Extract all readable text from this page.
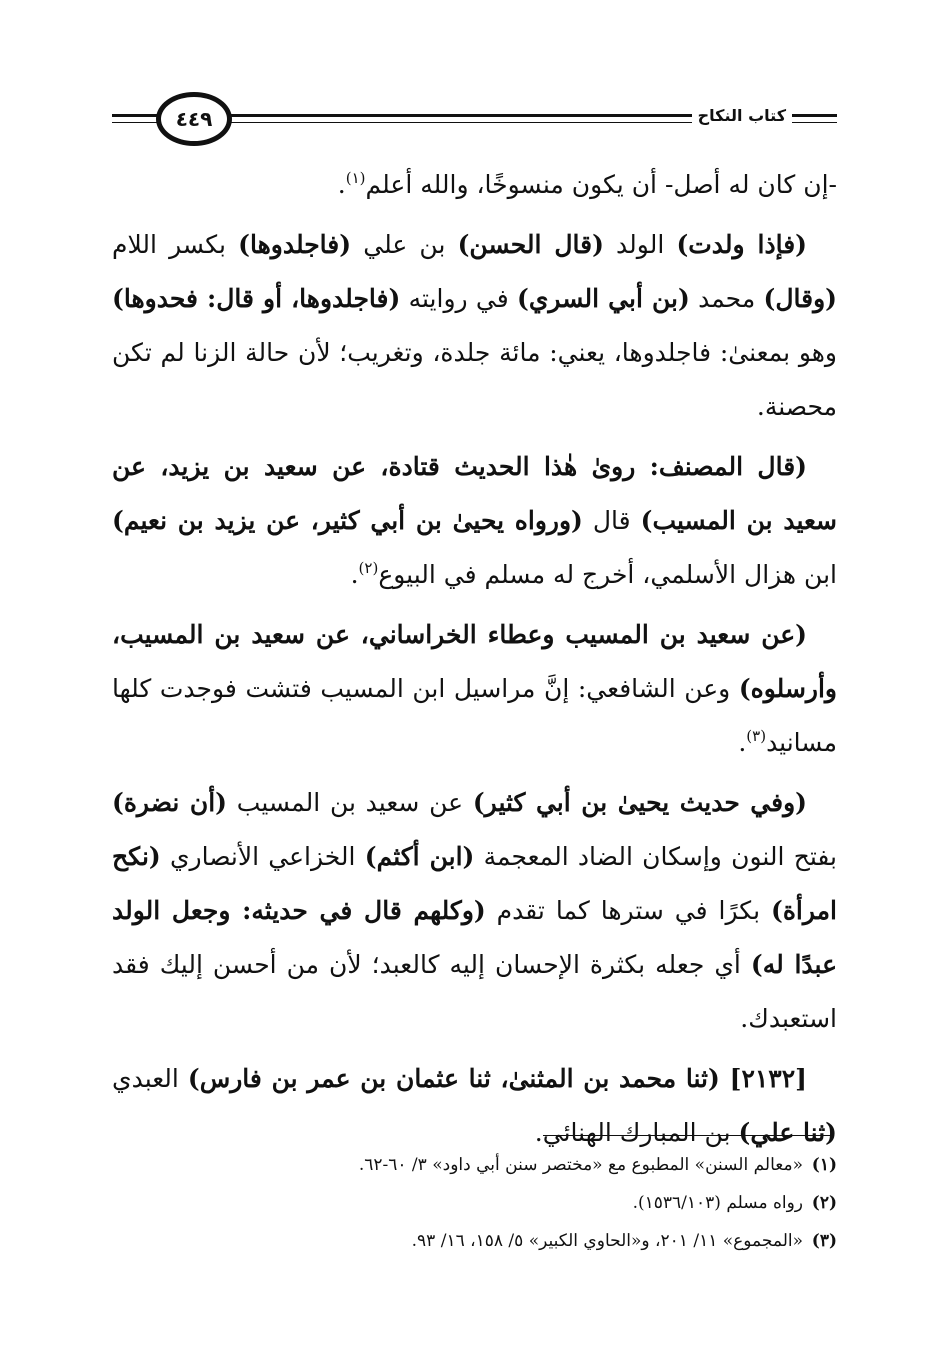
٤٤٩	كتاب النكاح

-إن كان له أصل- أن يكون منسوخًا، والله أعلم$^{(١)}$.

(فإذا ولدت) الولد (قال الحسن) بن علي (فاجلدوها) بكسر اللام (وقال) محمد (بن أبي السري) في روايته (فاجلدوها، أو قال: فحدوها) وهو بمعنىٰ: فاجلدوها، يعني: مائة جلدة، وتغريب؛ لأن حالة الزنا لم تكن محصنة.

(قال المصنف: روىٰ هٰذا الحديث قتادة، عن سعيد بن يزيد، عن سعيد بن المسيب) قال (ورواه يحيىٰ بن أبي كثير، عن يزيد بن نعيم) ابن هزال الأسلمي، أخرج له مسلم في البيوع$^{(٢)}$.

(عن سعيد بن المسيب وعطاء الخراساني، عن سعيد بن المسيب، وأرسلوه) وعن الشافعي: إنَّ مراسيل ابن المسيب فتشت فوجدت كلها مسانيد$^{(٣)}$.

(وفي حديث يحيىٰ بن أبي كثير) عن سعيد بن المسيب (أن نضرة) بفتح النون وإسكان الضاد المعجمة (ابن أكثم) الخزاعي الأنصاري (نكح امرأة) بكرًا في سترها كما تقدم (وكلهم قال في حديثه: وجعل الولد عبدًا له) أي جعله بكثرة الإحسان إليه كالعبد؛ لأن من أحسن إليك فقد استعبدك.

[٢١٣٢] (ثنا محمد بن المثنىٰ، ثنا عثمان بن عمر بن فارس) العبدي (ثنا علي) بن المبارك الهنائي.

(١)«معالم السنن» المطبوع مع «مختصر سنن أبي داود» ٣/ ٦٠-٦٢.

(٢)رواه مسلم (١٥٣٦/١٠٣).

(٣)«المجموع» ١١/ ٢٠١، و«الحاوي الكبير» ٥/ ١٥٨، ١٦/ ٩٣.
